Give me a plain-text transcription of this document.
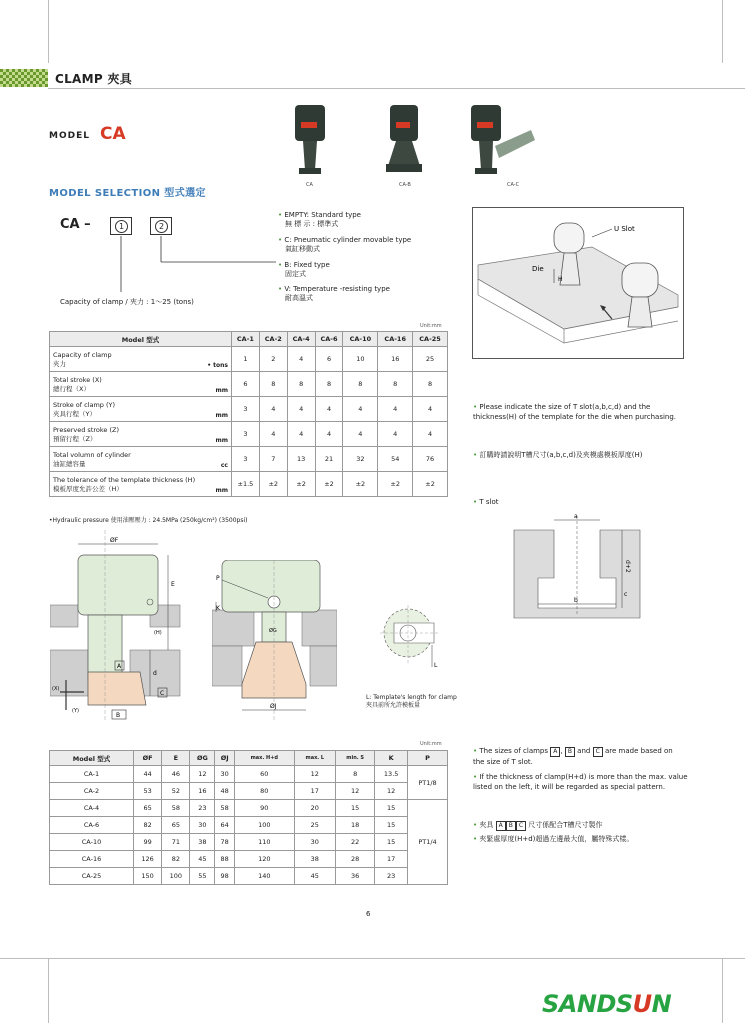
CLAMP 夾具
MODEL CA
CA	CA-B	CA-C
MODEL SELECTION 型式選定
CA –	1	2
Capacity of clamp / 夾力 : 1～25 (tons)
• EMPTY: Standard type
無 標 示 : 標準式
• C: Pneumatic cylinder movable type
氣缸移動式
• B: Fixed type
固定式
• V: Temperature -resisting type
耐高溫式
U Slot
Die
H
Unit:mm
Model 型式	CA-1	CA-2	CA-4	CA-6	CA-10	CA-16	CA-25

Capacity of clamp
夾力 • tons	1	2	4	6	10	16	25

Total stroke (X)
總行程（X） mm	6	8	8	8	8	8	8

Stroke of clamp (Y)
夾具行程（Y） mm	3	4	4	4	4	4	4

Preserved stroke (Z)
預留行程（Z） mm	3	4	4	4	4	4	4

Total volumn of cylinder
油缸總容量 cc	3	7	13	21	32	54	76

The tolerance of the template thickness (H)
模板厚度允許公差（H） mm	±1.5	±2	±2	±2	±2	±2	±2
•Hydraulic pressure 使用油壓壓力 : 24.5MPa (250kg/cm²) (3500psi)
• Please indicate the size of T slot(a,b,c,d) and the thickness(H) of the template for the die when purchasing.
• 訂購時請說明T槽尺寸(a,b,c,d)及夾模處模板厚度(H)
• T slot
a
b
c
d+2
ØF
E
(H)
d
A
C
B
(X)
(Y)
P
K
ØG
ØJ
L
L: Template's length for clamp
夾具前所允許模板量
Unit:mm
Model 型式	ØF	E	ØG	ØJ	max. H+d	max. L	min. S	K	P
CA-1	44	46	12	30	60	12	8	13.5	PT1/8
CA-2	53	52	16	48	80	17	12	12	
CA-4	65	58	23	58	90	20	15	15	PT1/4
CA-6	82	65	30	64	100	25	18	15	
CA-10	99	71	38	78	110	30	22	15	
CA-16	126	82	45	88	120	38	28	17	
CA-25	150	100	55	98	140	45	36	23	
• The sizes of clamps A , B and C are made based on the size of T slot.
• If the thickness of clamp(H+d) is more than the max. value listed on the left, it will be regarded as special pattern.
• 夾具 A B C 尺寸係配合T槽尺寸製作
• 夾緊處厚度(H+d)超過左邊最大值，屬特殊式樣。
6
SANDSUN
